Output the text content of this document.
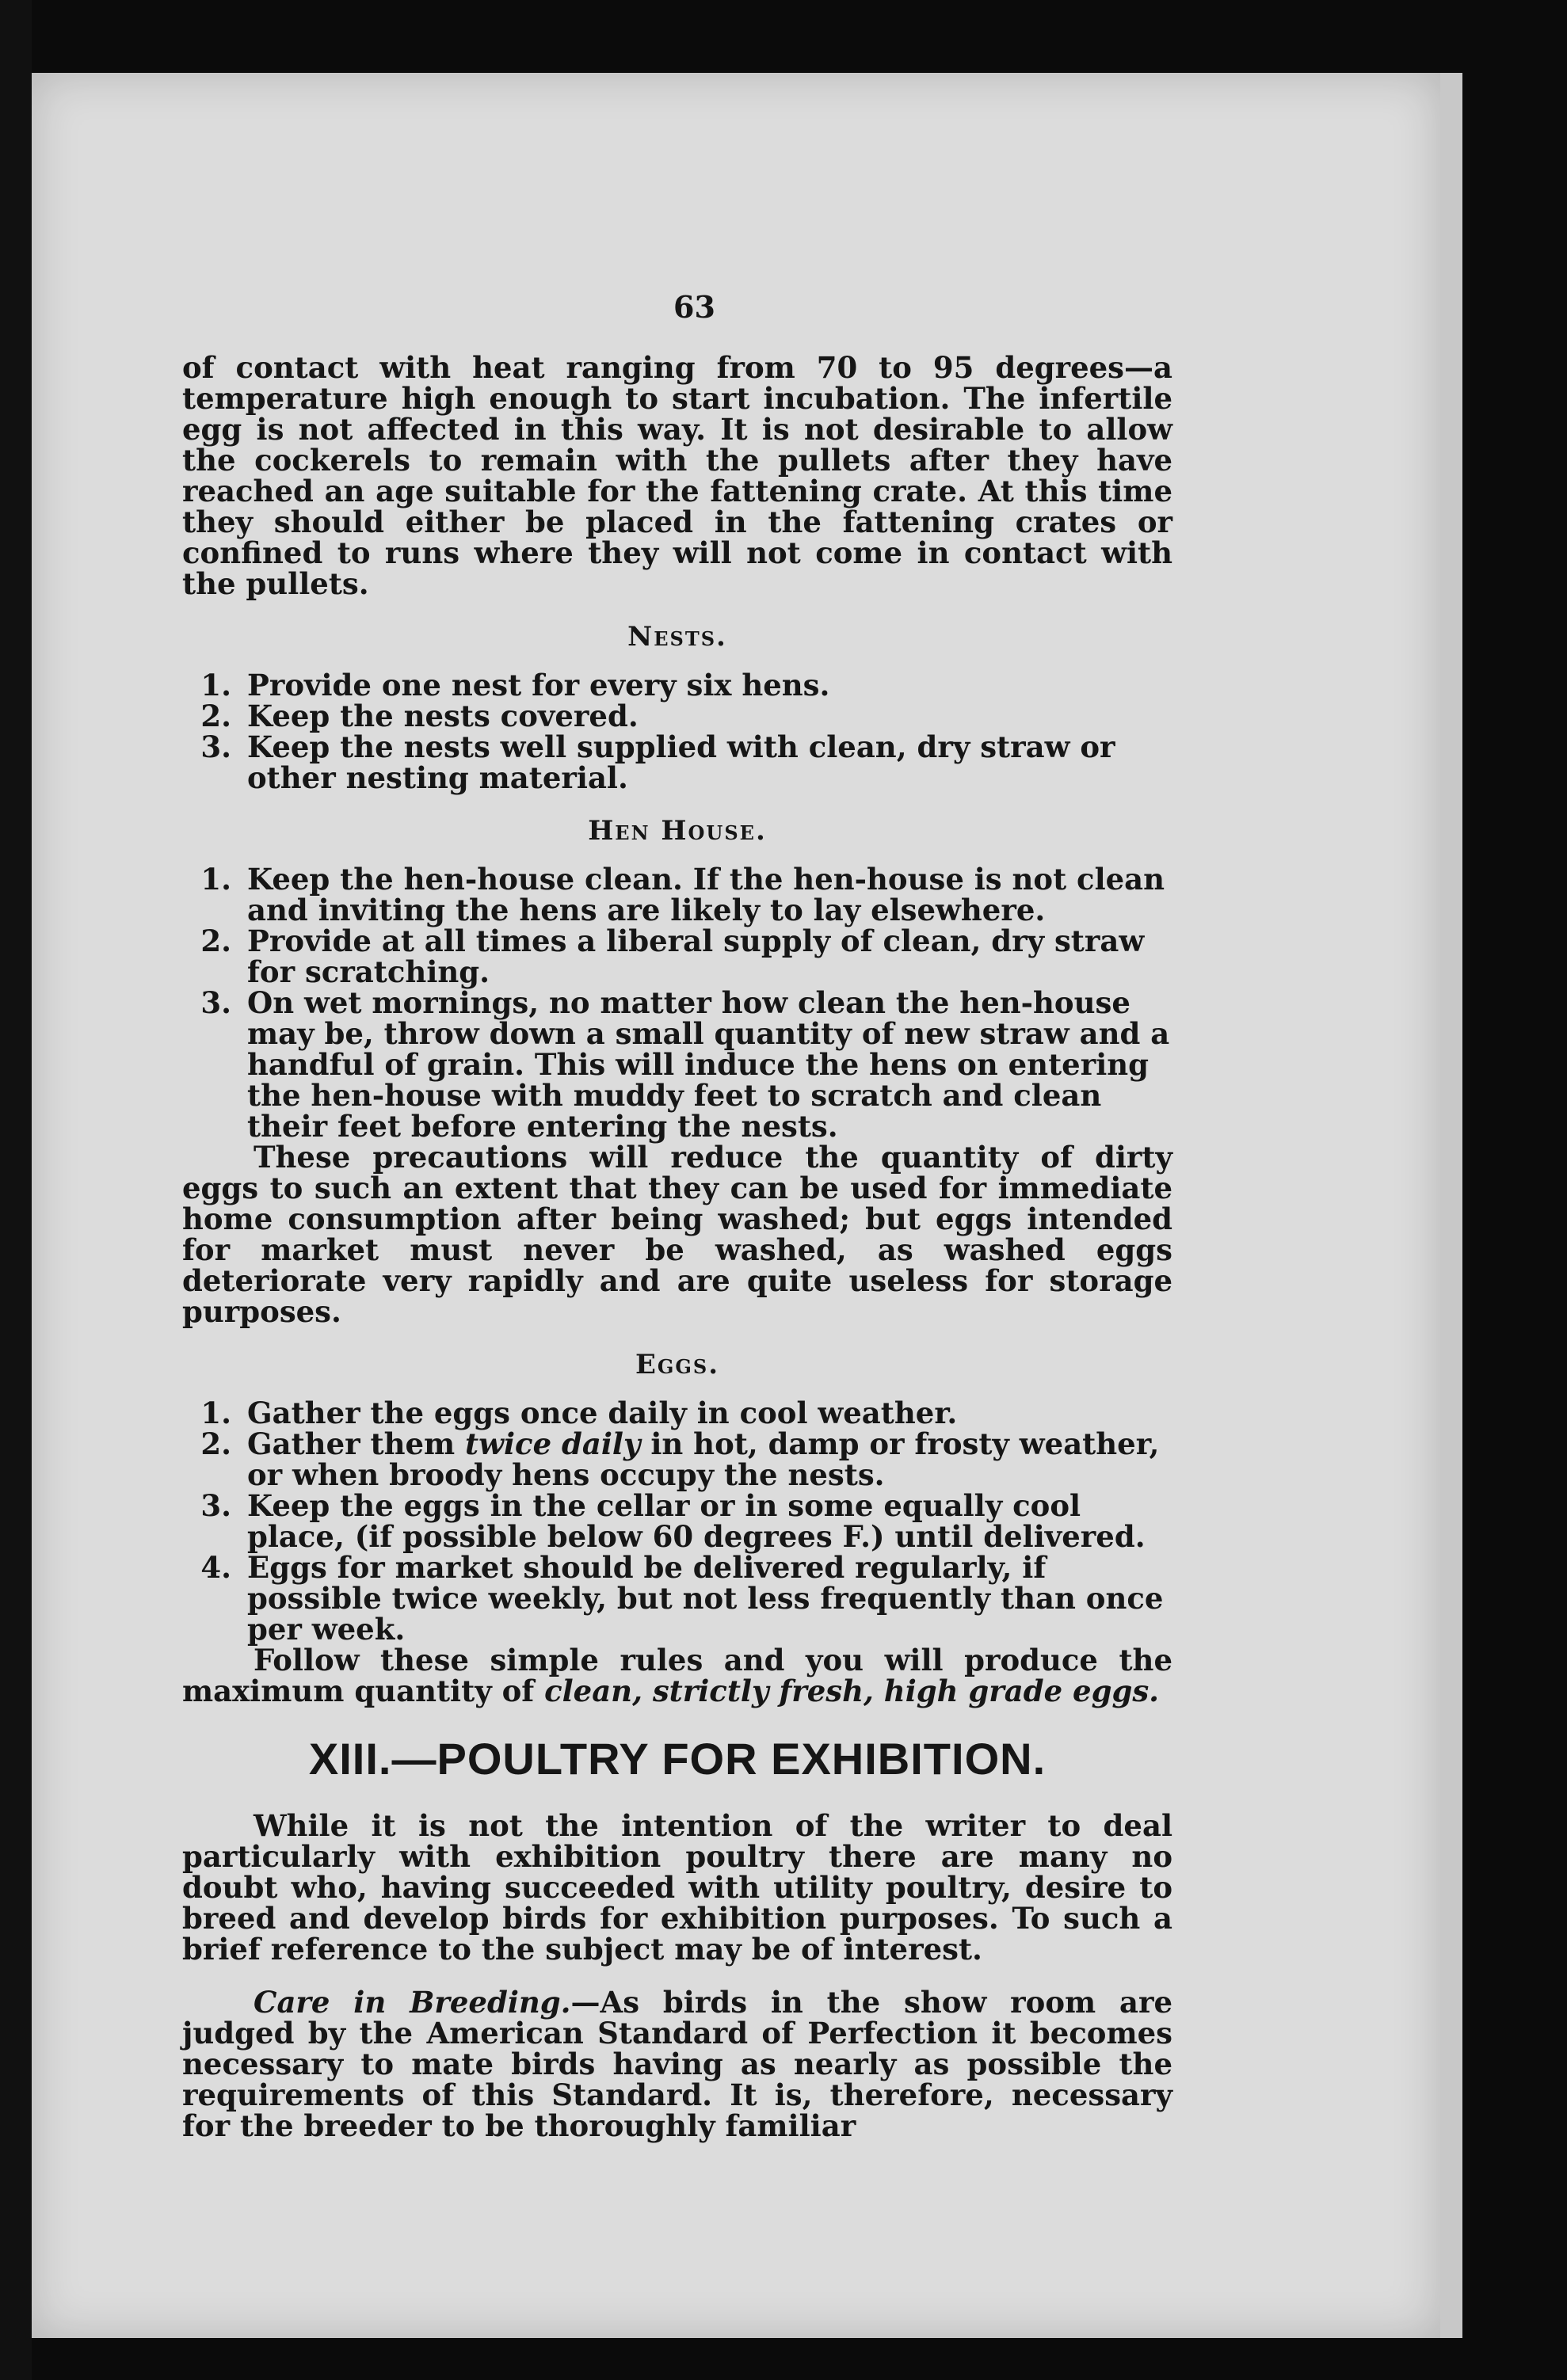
63

of contact with heat ranging from 70 to 95 degrees—a temperature high enough to start incubation. The infertile egg is not affected in this way. It is not desirable to allow the cockerels to remain with the pullets after they have reached an age suitable for the fattening crate. At this time they should either be placed in the fattening crates or confined to runs where they will not come in contact with the pullets.

Nests.
1. Provide one nest for every six hens.
2. Keep the nests covered.
3. Keep the nests well supplied with clean, dry straw or other nesting material.
Hen House.
1. Keep the hen-house clean. If the hen-house is not clean and inviting the hens are likely to lay elsewhere.
2. Provide at all times a liberal supply of clean, dry straw for scratching.
3. On wet mornings, no matter how clean the hen-house may be, throw down a small quantity of new straw and a handful of grain. This will induce the hens on entering the hen-house with muddy feet to scratch and clean their feet before entering the nests.

These precautions will reduce the quantity of dirty eggs to such an extent that they can be used for immediate home consumption after being washed; but eggs intended for market must never be washed, as washed eggs deteriorate very rapidly and are quite useless for storage purposes.

Eggs.
1. Gather the eggs once daily in cool weather.
2. Gather them twice daily in hot, damp or frosty weather, or when broody hens occupy the nests.
3. Keep the eggs in the cellar or in some equally cool place, (if possible below 60 degrees F.) until delivered.
4. Eggs for market should be delivered regularly, if possible twice weekly, but not less frequently than once per week.

Follow these simple rules and you will produce the maximum quantity of clean, strictly fresh, high grade eggs.

XIII.—POULTRY FOR EXHIBITION.

While it is not the intention of the writer to deal particularly with exhibition poultry there are many no doubt who, having succeeded with utility poultry, desire to breed and develop birds for exhibition purposes. To such a brief reference to the subject may be of interest.

Care in Breeding.—As birds in the show room are judged by the American Standard of Perfection it becomes necessary to mate birds having as nearly as possible the requirements of this Standard. It is, therefore, necessary for the breeder to be thoroughly familiar
